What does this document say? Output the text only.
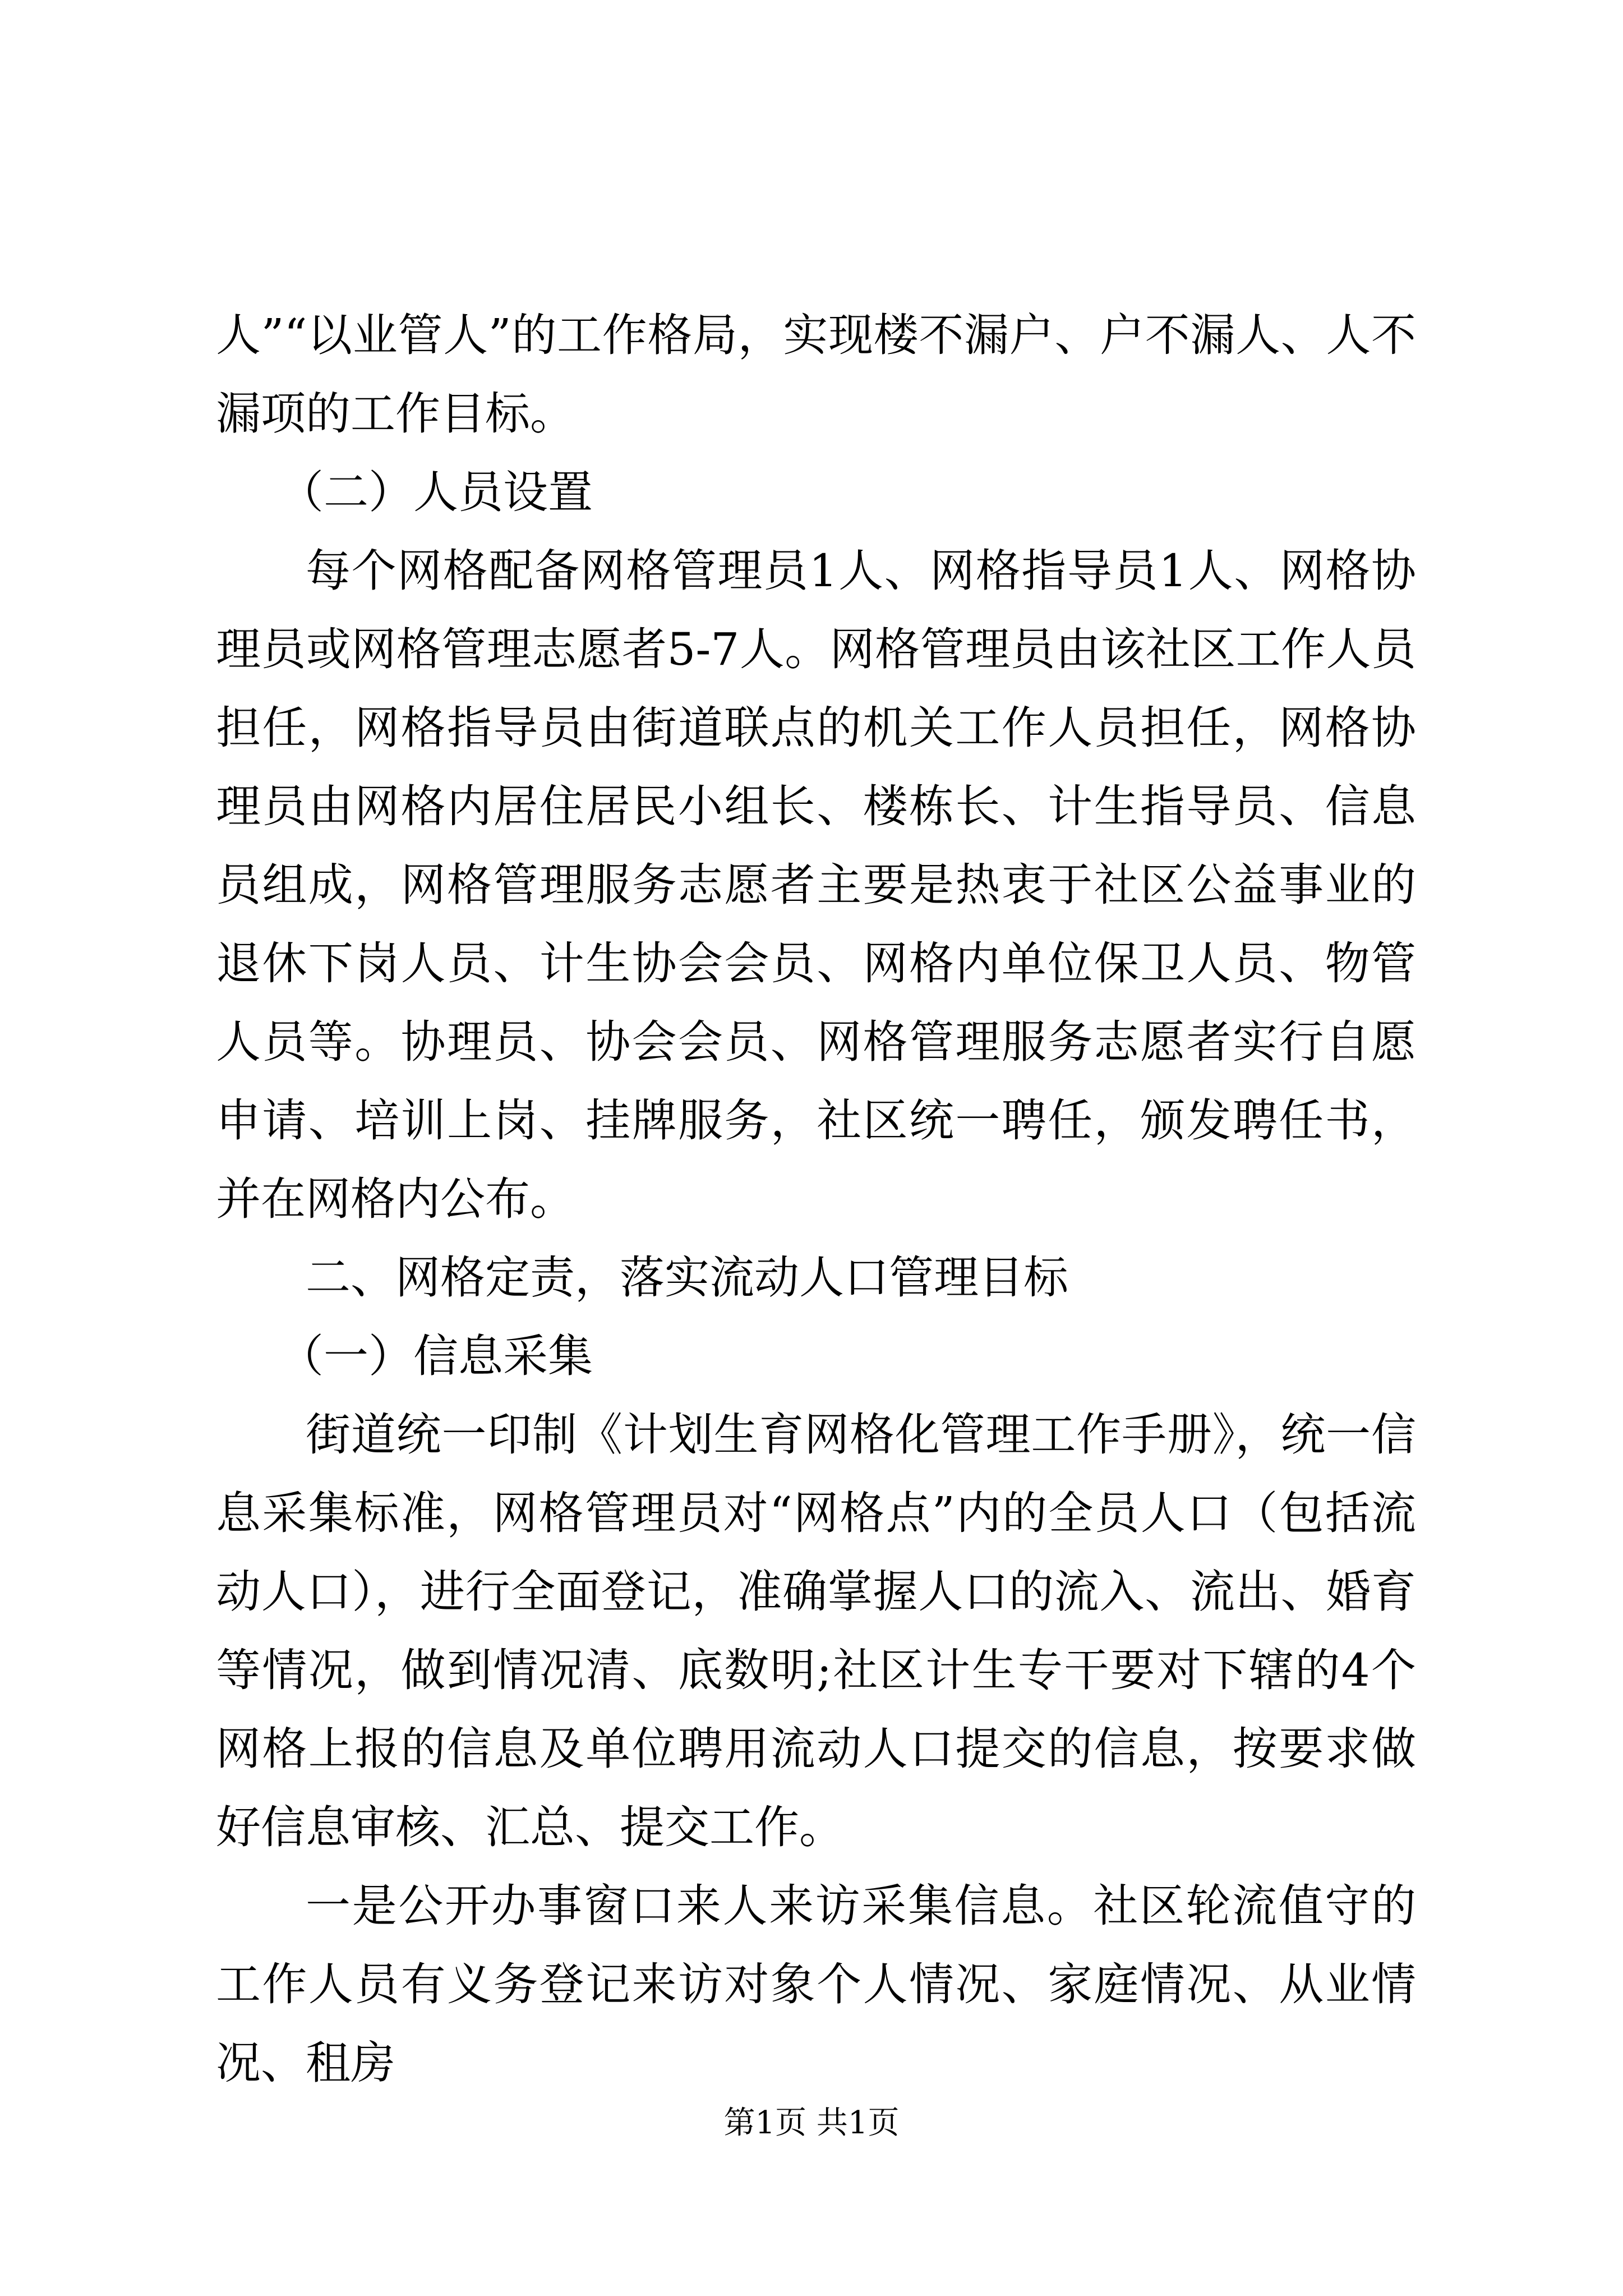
人”“以业管人”的工作格局，实现楼不漏户、户不漏人、人不漏项的工作目标。

（二）人员设置

每个网格配备网格管理员1人、网格指导员1人、网格协理员或网格管理志愿者5-7人。网格管理员由该社区工作人员担任，网格指导员由街道联点的机关工作人员担任，网格协理员由网格内居住居民小组长、楼栋长、计生指导员、信息员组成，网格管理服务志愿者主要是热衷于社区公益事业的退休下岗人员、计生协会会员、网格内单位保卫人员、物管人员等。协理员、协会会员、网格管理服务志愿者实行自愿申请、培训上岗、挂牌服务，社区统一聘任，颁发聘任书，并在网格内公布。

二、网格定责，落实流动人口管理目标

（一）信息采集

街道统一印制《计划生育网格化管理工作手册》，统一信息采集标准，网格管理员对“网格点”内的全员人口（包括流动人口），进行全面登记，准确掌握人口的流入、流出、婚育等情况，做到情况清、底数明;社区计生专干要对下辖的4个网格上报的信息及单位聘用流动人口提交的信息，按要求做好信息审核、汇总、提交工作。

一是公开办事窗口来人来访采集信息。社区轮流值守的工作人员有义务登记来访对象个人情况、家庭情况、从业情况、租房

第1页 共1页
